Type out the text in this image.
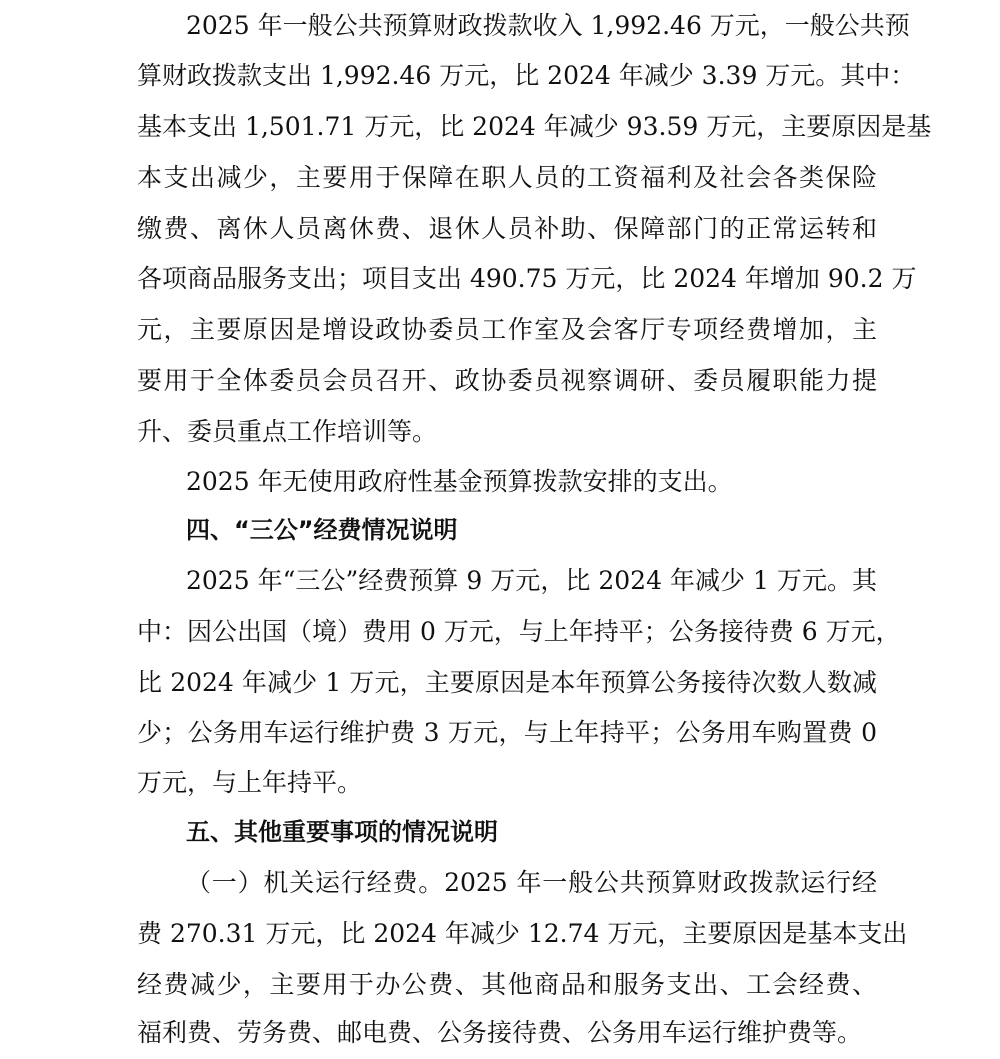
2025 年一般公共预算财政拨款收入 1,992.46 万元，一般公共预
算财政拨款支出 1,992.46 万元，比 2024 年减少 3.39 万元。其中：
基本支出 1,501.71 万元，比 2024 年减少 93.59 万元，主要原因是基
本支出减少，主要用于保障在职人员的工资福利及社会各类保险
缴费、离休人员离休费、退休人员补助、保障部门的正常运转和
各项商品服务支出；项目支出 490.75 万元，比 2024 年增加 90.2 万
元，主要原因是增设政协委员工作室及会客厅专项经费增加，主
要用于全体委员会员召开、政协委员视察调研、委员履职能力提
升、委员重点工作培训等。
2025 年无使用政府性基金预算拨款安排的支出。
四、“三公”经费情况说明
2025 年“三公”经费预算 9 万元，比 2024 年减少 1 万元。其
中：因公出国（境）费用 0 万元，与上年持平；公务接待费 6 万元，
比 2024 年减少 1 万元，主要原因是本年预算公务接待次数人数减
少；公务用车运行维护费 3 万元，与上年持平；公务用车购置费 0
万元，与上年持平。
五、其他重要事项的情况说明
（一）机关运行经费。2025 年一般公共预算财政拨款运行经
费 270.31 万元，比 2024 年减少 12.74 万元，主要原因是基本支出
经费减少，主要用于办公费、其他商品和服务支出、工会经费、
福利费、劳务费、邮电费、公务接待费、公务用车运行维护费等。
